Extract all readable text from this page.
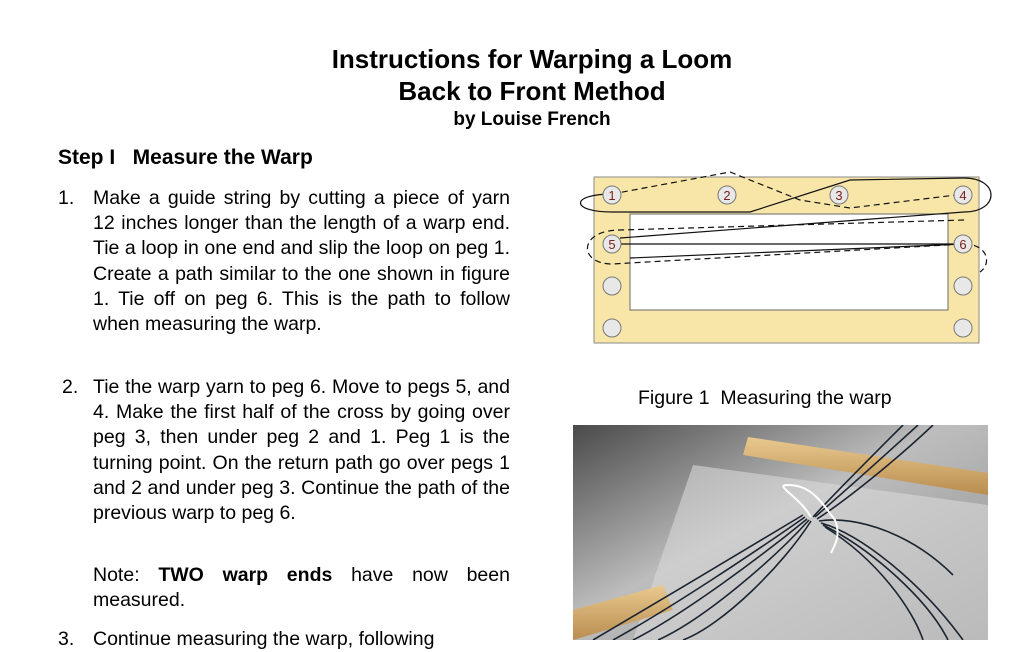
Instructions for Warping a Loom
Back to Front Method
by Louise French
Step I   Measure the Warp
1. Make a guide string by cutting a piece of yarn 12 inches longer than the length of a warp end. Tie a loop in one end and slip the loop on peg 1. Create a path similar to the one shown in figure 1. Tie off on peg 6. This is the path to follow when measuring the warp.
2. Tie the warp yarn to peg 6. Move to pegs 5, and 4. Make the first half of the cross by going over peg 3, then under peg 2 and 1. Peg 1 is the turning point. On the return path go over pegs 1 and 2 and under peg 3. Continue the path of the previous warp to peg 6.
Note: TWO warp ends have now been measured.
3. Continue measuring the warp, following
1	2	3	4
5	6
Figure 1  Measuring the warp
